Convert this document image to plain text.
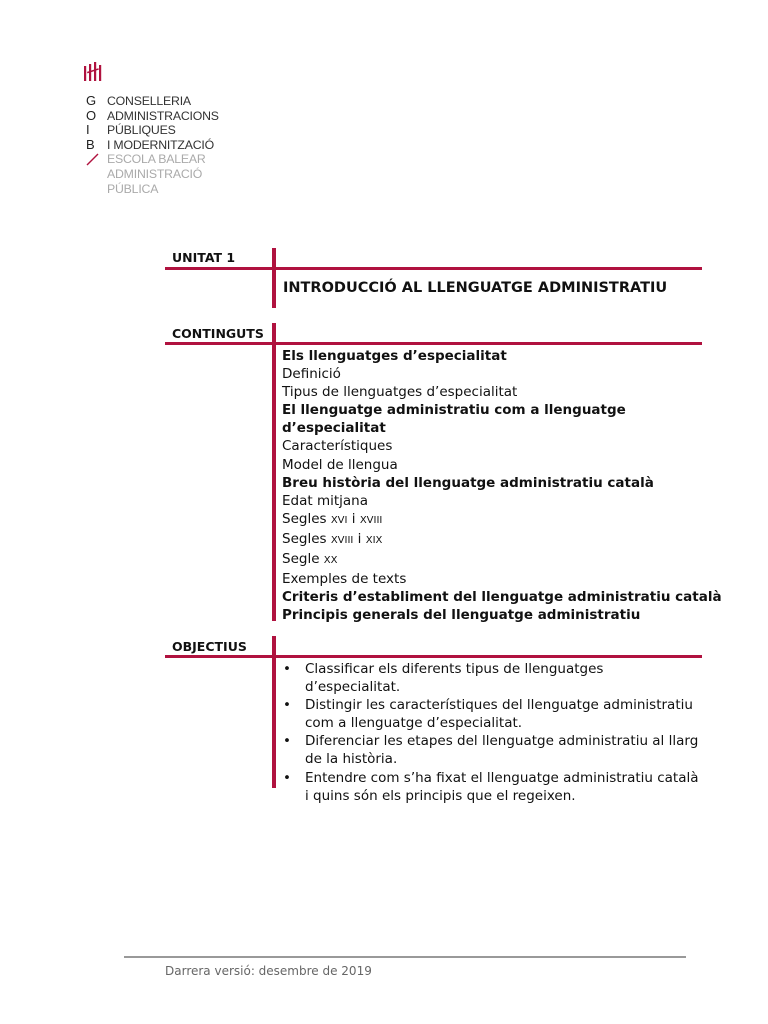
G
O
I
B
CONSELLERIA
ADMINISTRACIONS
PÚBLIQUES
I MODERNITZACIÓ
ESCOLA BALEAR
ADMINISTRACIÓ
PÚBLICA
UNITAT 1
INTRODUCCIÓ AL LLENGUATGE ADMINISTRATIU
CONTINGUTS
Els llenguatges d’especialitat
Definició
Tipus de llenguatges d’especialitat
El llenguatge administratiu com a llenguatge
d’especialitat
Característiques
Model de llengua
Breu història del llenguatge administratiu català
Edat mitjana
Segles XVI i XVIII
Segles XVIII i XIX
Segle XX
Exemples de texts
Criteris d’establiment del llenguatge administratiu català
Principis generals del llenguatge administratiu
OBJECTIUS
• Classificar els diferents tipus de llenguatges d’especialitat.
• Distingir les característiques del llenguatge administratiu
com a llenguatge d’especialitat.
• Diferenciar les etapes del llenguatge administratiu al llarg
de la història.
• Entendre com s’ha fixat el llenguatge administratiu català
i quins són els principis que el regeixen.
Darrera versió: desembre de 2019
